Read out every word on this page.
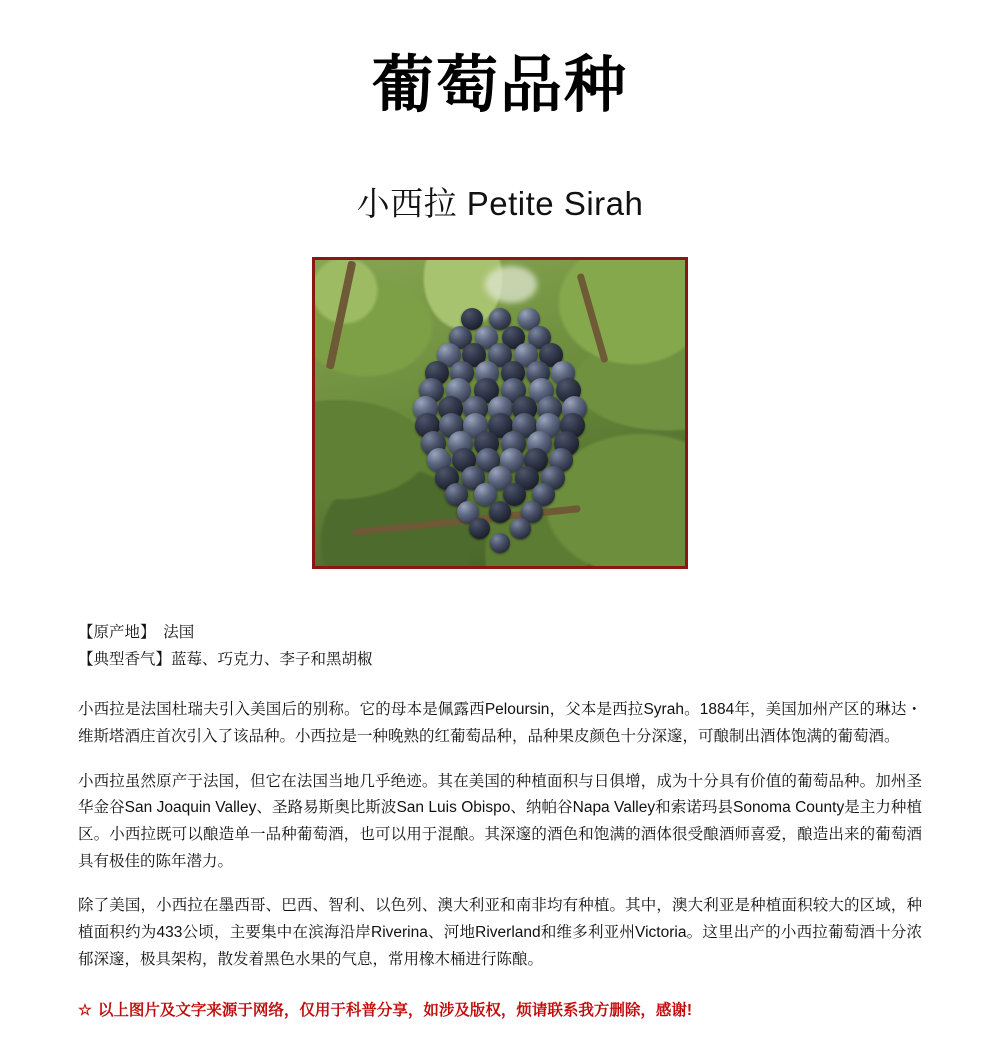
葡萄品种
小西拉 Petite Sirah
【原产地】　法国
【典型香气】蓝莓、巧克力、李子和黑胡椒

小西拉是法国杜瑞夫引入美国后的别称。它的母本是佩露西Peloursin，父本是西拉Syrah。1884年，美国加州产区的琳达・维斯塔酒庄首次引入了该品种。小西拉是一种晚熟的红葡萄品种，品种果皮颜色十分深邃，可酿制出酒体饱满的葡萄酒。

小西拉虽然原产于法国，但它在法国当地几乎绝迹。其在美国的种植面积与日俱增，成为十分具有价值的葡萄品种。加州圣华金谷San Joaquin Valley、圣路易斯奥比斯波San Luis Obispo、纳帕谷Napa Valley和索诺玛县Sonoma County是主力种植区。小西拉既可以酿造单一品种葡萄酒，也可以用于混酿。其深邃的酒色和饱满的酒体很受酿酒师喜爱，酿造出来的葡萄酒具有极佳的陈年潜力。

除了美国，小西拉在墨西哥、巴西、智利、以色列、澳大利亚和南非均有种植。其中，澳大利亚是种植面积较大的区域，种植面积约为433公顷，主要集中在滨海沿岸Riverina、河地Riverland和维多利亚州Victoria。这里出产的小西拉葡萄酒十分浓郁深邃，极具架构，散发着黑色水果的气息，常用橡木桶进行陈酿。

☆ 以上图片及文字来源于网络，仅用于科普分享，如涉及版权，烦请联系我方删除，感谢!
